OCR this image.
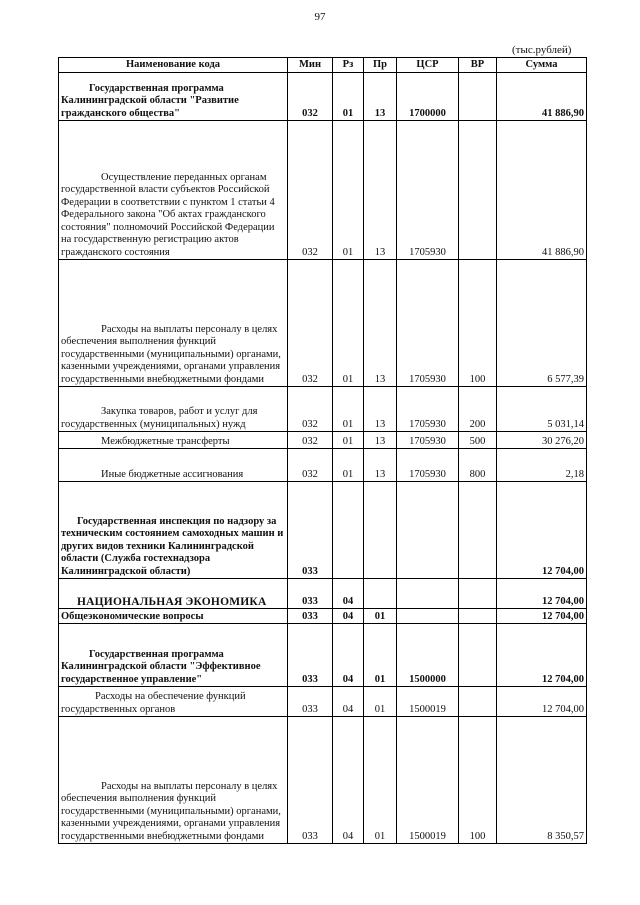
97
(тыс.рублей)
Наименование кода	Мин	Рз	Пр	ЦСР	ВР	Сумма
Государственная программа Калининградской области "Развитие гражданского общества"	032	01	13	1700000		41 886,90
Осуществление переданных органам государственной власти субъектов Российской Федерации в соответствии с пунктом 1 статьи 4 Федерального закона "Об актах гражданского состояния" полномочий Российской Федерации на государственную регистрацию актов гражданского состояния	032	01	13	1705930		41 886,90
Расходы на выплаты персоналу в целях обеспечения выполнения функций государственными (муниципальными) органами, казенными учреждениями, органами управления государственными внебюджетными фондами	032	01	13	1705930	100	6 577,39
Закупка товаров, работ и услуг для государственных (муниципальных) нужд	032	01	13	1705930	200	5 031,14
Межбюджетные трансферты	032	01	13	1705930	500	30 276,20
Иные бюджетные ассигнования	032	01	13	1705930	800	2,18
Государственная инспекция по надзору за техническим состоянием самоходных машин и других видов техники Калининградской области (Служба гостехнадзора Калининградской области)	033					12 704,00
НАЦИОНАЛЬНАЯ ЭКОНОМИКА	033	04				12 704,00
Общеэкономические вопросы	033	04	01			12 704,00
Государственная программа Калининградской области "Эффективное государственное управление"	033	04	01	1500000		12 704,00
Расходы на обеспечение функций государственных органов	033	04	01	1500019		12 704,00
Расходы на выплаты персоналу в целях обеспечения выполнения функций государственными (муниципальными) органами, казенными учреждениями, органами управления государственными внебюджетными фондами	033	04	01	1500019	100	8 350,57
